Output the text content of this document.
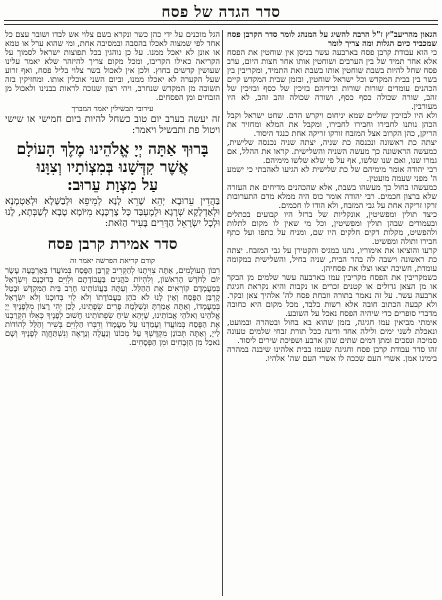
סדר הגדה של פסח

הגאון מהריעב"ץ ז"ל הרבה להשיג על המנהג לומר סדר הקרבן פסח שמכביד כיום הגלות ומה צריך לומר

כי הוא עבודת קרבן פסח בארבעה עשר בניסן אין שוחטין את הפסח אלא אחר תמיד של בין הערבים ושוחטין אותו אחר חצות היום, ערב פסח שחל להיות בשבת שוחטין אותו בשבת ואת התמיד, ומקריבין בין בשר בין בבית המקדש וכל ישראל שוחטין, ובזמן שבית המקדש קיים הכהנים עומדים שורות שורות ובידיהם בזיכין של כסף ובזיכין של זהב, שורה שכולה כסף כסף, ושורה שכולה זהב זהב, לא היו מעורבין.
ולא היו לבזיכין שוליים שמא יניחום ויקרש הדם. שחט ישראל וקבל הכהן נותנו לחבירו וחבירו לחבירו, ומקבל את המלא ומחזיר את הריקן, כהן הקרוב אצל המזבח זורקו זריקה אחת כנגד היסוד.
יצתה כת ראשונה ונכנסה כת שניה, יצתה שניה נכנסה שלישית, כמעשה הראשונה כך מעשה השניה והשלישית. קראו את ההלל, אם גמרו שנו, ואם שנו שלשו, אף על פי שלא שלשו מימיהם.
רבי יהודה אומר מימיהם של כת שלישית לא הגיעו לאהבתי כי ישמע ה' מפני שעמה מועטין.
כמעשהו בחול כך מעשהו בשבת, אלא שהכהנים מדיחים את העזרה שלא ברצון חכמים. רבי יהודה אומר כוס היה ממלא מדם התערובות זרקו זריקה אחת על גבי המזבח, ולא הודו לו חכמים.
כיצד תולין ומפשיטין, אונקליות של ברזל היו קבועים בכתלים ובעמודים שבהן תולין ומפשיטין, וכל מי שאין לו מקום לתלות ולהפשיט, מקלות דקים חלקים היו שם, ומניח על כתפו ועל כתף חבירו ותולה ומפשיט.
קרעו והוציאו את אימוריו, נתנו במגיס והקטירן על גבי המזבח. יצתה כת ראשונה וישבה לה בהר הבית, שניה בחיל, והשלישית במקומה עומדת, חשיכה יצאו וצלו את פסחיהן.
כשמקריבין את הפסח מקריבין עמו בארבעה עשר שלמים מן הבקר או מן הצאן גדולים או קטנים זכרים או נקבות והיא נקראת חגיגת ארבעה עשר. על זה נאמר בתורה וזבחת פסח לה' אלהיך צאן ובקר. ולא קבעה הכתוב חובה אלא רשות בלבד, מכל מקום היא כחובה מדברי סופרים כדי שיהיה הפסח נאכל על השובע.
אימתי מביאין עמו חגיגה, בזמן שהוא בא בחול ובטהרה ובמועט, ונאכלת לשני ימים ולילה אחד ודינה ככל תורת זבחי שלמים טעונה סמיכה ונסכים ומתן דמים שתים שהן ארבע ושפיכת שירים ליסוד.
זהו סדר עבודת קרבן פסח וחגיגה שעמו בבית אלהינו שיבנה במהרה בימינו אמן. אשרי העם שככה לו אשרי העם שה' אלהיו.

הגל מוכנים על ידי כהן כשר ונקרא בשם צלוי אש לבדו ושובר עצם כל אחד לפי שמצוה לאכלו בהסבה ובמסיבה אחת, ומי שהוא ערל או טמא או אונן לא יאכל ממנו. על כן נוהגין בכל תפוצות ישראל לסמוך על הקריאה כאילו הקריבו, ומכל מקום צריך להיזהר שלא יאמר עלינו שעושין קדשים בחוץ. ולכן אין לאכול בשר צלוי בליל פסח, ואף זרוע שעל הקערה לא יאכלו ממנו, וביום השני אוכלין אותו. ומחזיקין בזה תשובה מן המקדש שנחרב, ויהי רצון שנזכה לראות בבנינו ולאכול מן הזבחים ומן הפסחים.

עירובי תבשילין יאמר המברך

זה יעשה בערב יום טוב כשחל להיות ביום חמישי או שישי ויטול פת ותבשיל ויאמר:

בָּרוּךְ אַתָּה יְיָ אֱלֹהֵינוּ מֶלֶךְ הָעוֹלָם
אֲשֶׁר קִדְּשָׁנוּ בְּמִצְוֹתָיו וְצִוָּנוּ
עַל מִצְוַת עֵרוּב:

בַּהֲדֵין עֵרוּבָא יְהֵא שָׁרֵא לָנָא לְמֵיפֵא וּלְבַשָּׁלָא וּלְאַטְמָנָא וּלְאַדְלָקָא שְׁרָגָא וּלְמֶעְבַּד כָּל צָרְכָּנָא מִיּוֹמָא טָבָא לְשַׁבְּתָא, לָנוּ וּלְכָל יִשְׂרָאֵל הַדָּרִים בָּעִיר הַזֹּאת:

סדר אמירת קרבן פסח
קודם קריאת הפרשה יאמר זה

רִבּוֹן הָעוֹלָמִים, אַתָּה צִוִּיתָנוּ לְהַקְרִיב קָרְבַּן הַפֶּסַח בְּמוֹעֲדוֹ בְּאַרְבָּעָה עָשָׂר יוֹם לַחֹדֶשׁ הָרִאשׁוֹן, וְלִהְיוֹת כֹּהֲנִים בַּעֲבוֹדָתָם וּלְוִיִּם בְּדוּכָנָם וְיִשְׂרָאֵל בְּמַעֲמָדָם קוֹרְאִים אֶת הַהַלֵּל. וְעַתָּה בַּעֲוֹנוֹתֵינוּ חָרַב בֵּית הַמִּקְדָּשׁ וּבָטַל קָרְבַּן הַפֶּסַח וְאֵין לָנוּ לֹא כֹהֵן בַּעֲבוֹדָתוֹ וְלֹא לֵוִי בְּדוּכָנוֹ וְלֹא יִשְׂרָאֵל בְּמַעֲמָדוֹ, וְאַתָּה אָמַרְתָּ וּנְשַׁלְּמָה פָרִים שְׂפָתֵינוּ, לָכֵן יְהִי רָצוֹן מִלְּפָנֶיךָ יְיָ אֱלֹהֵינוּ וֵאלֹהֵי אֲבוֹתֵינוּ, שֶׁיְּהֵא שִׂיחַ שִׂפְתוֹתֵינוּ חָשׁוּב לְפָנֶיךָ כְּאִלּוּ הִקְרַבְנוּ אֶת הַפֶּסַח בְּמוֹעֲדוֹ וְעָמַדְנוּ עַל מַעֲמָדוֹ וְדִבְּרוּ הַלְוִיִּם בְּשִׁיר וְהַלֵּל לְהוֹדוֹת לַייָ, וְאַתָּה תְּכוֹנֵן מִקְדָּשְׁךָ עַל מְכוֹנוֹ וְנַעֲלֶה וְנֵרָאֶה וְנִשְׁתַּחֲוֶה לְפָנֶיךָ וְשָׁם נֹאכַל מִן הַזְּבָחִים וּמִן הַפְּסָחִים.
